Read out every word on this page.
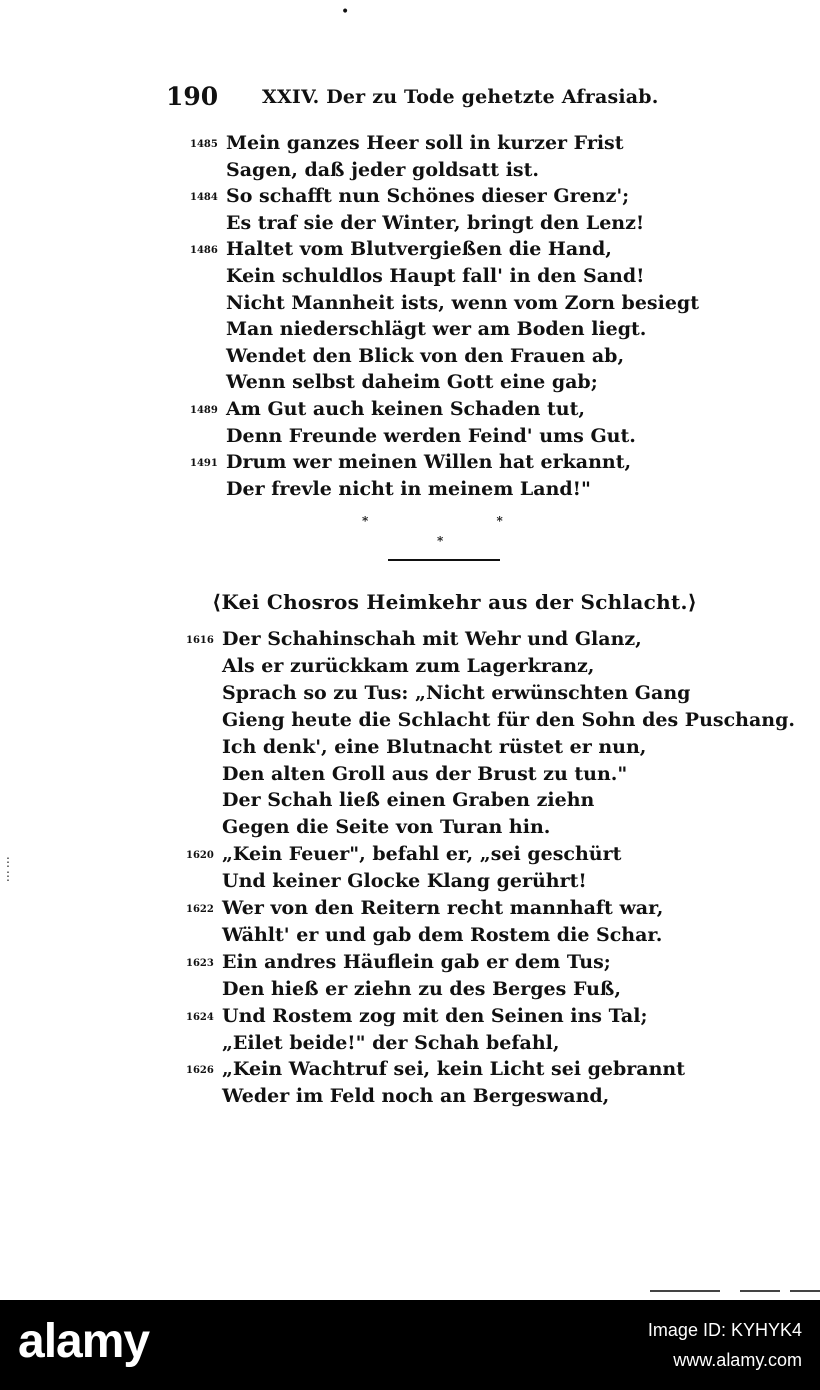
•
⋮
⋮
190 XXIV. Der zu Tode gehetzte Afrasiab.
1485 Mein ganzes Heer soll in kurzer Frist
Sagen, daß jeder goldsatt ist.
1484 So schafft nun Schönes dieser Grenz';
Es traf sie der Winter, bringt den Lenz!
1486 Haltet vom Blutvergießen die Hand,
Kein schuldlos Haupt fall' in den Sand!
Nicht Mannheit ists, wenn vom Zorn besiegt
Man niederschlägt wer am Boden liegt.
Wendet den Blick von den Frauen ab,
Wenn selbst daheim Gott eine gab;
1489 Am Gut auch keinen Schaden tut,
Denn Freunde werden Feind' ums Gut.
1491 Drum wer meinen Willen hat erkannt,
Der frevle nicht in meinem Land!"
* *
*
⟨Kei Chosros Heimkehr aus der Schlacht.⟩
1616 Der Schahinschah mit Wehr und Glanz,
Als er zurückkam zum Lagerkranz,
Sprach so zu Tus: „Nicht erwünschten Gang
Gieng heute die Schlacht für den Sohn des Puschang.
Ich denk', eine Blutnacht rüstet er nun,
Den alten Groll aus der Brust zu tun."
Der Schah ließ einen Graben ziehn
Gegen die Seite von Turan hin.
1620 „Kein Feuer", befahl er, „sei geschürt
Und keiner Glocke Klang gerührt!
1622 Wer von den Reitern recht mannhaft war,
Wählt' er und gab dem Rostem die Schar.
1623 Ein andres Häuflein gab er dem Tus;
Den hieß er ziehn zu des Berges Fuß,
1624 Und Rostem zog mit den Seinen ins Tal;
„Eilet beide!" der Schah befahl,
1626 „Kein Wachtruf sei, kein Licht sei gebrannt
Weder im Feld noch an Bergeswand,
alamy	Image ID: KYHYK4
www.alamy.com
